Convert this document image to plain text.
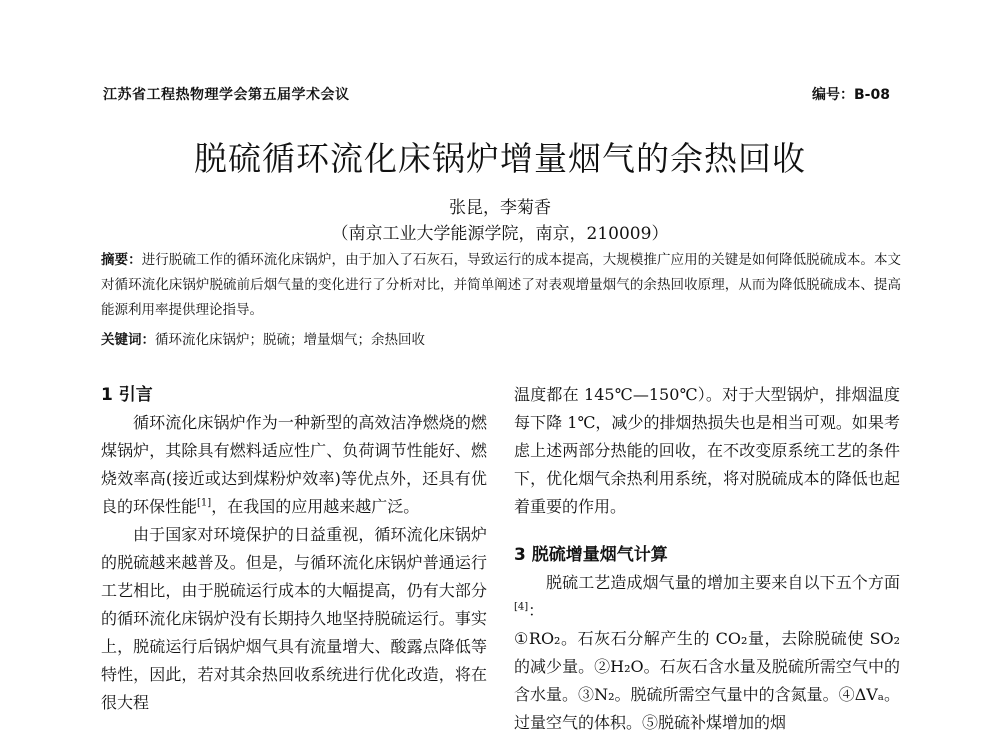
江苏省工程热物理学会第五届学术会议	编号：B-08
脱硫循环流化床锅炉增量烟气的余热回收
张昆，李菊香
（南京工业大学能源学院，南京，210009）
摘要：进行脱硫工作的循环流化床锅炉，由于加入了石灰石，导致运行的成本提高，大规模推广应用的关键是如何降低脱硫成本。本文对循环流化床锅炉脱硫前后烟气量的变化进行了分析对比，并简单阐述了对表观增量烟气的余热回收原理，从而为降低脱硫成本、提高能源利用率提供理论指导。
关键词：循环流化床锅炉；脱硫；增量烟气；余热回收
1 引言

循环流化床锅炉作为一种新型的高效洁净燃烧的燃煤锅炉，其除具有燃料适应性广、负荷调节性能好、燃烧效率高(接近或达到煤粉炉效率)等优点外，还具有优良的环保性能[1]，在我国的应用越来越广泛。

由于国家对环境保护的日益重视，循环流化床锅炉的脱硫越来越普及。但是，与循环流化床锅炉普通运行工艺相比，由于脱硫运行成本的大幅提高，仍有大部分的循环流化床锅炉没有长期持久地坚持脱硫运行。事实上，脱硫运行后锅炉烟气具有流量增大、酸露点降低等特性，因此，若对其余热回收系统进行优化改造，将在很大程

温度都在 145℃—150℃）。对于大型锅炉，排烟温度每下降 1℃，减少的排烟热损失也是相当可观。如果考虑上述两部分热能的回收，在不改变原系统工艺的条件下，优化烟气余热利用系统，将对脱硫成本的降低也起着重要的作用。

3 脱硫增量烟气计算

脱硫工艺造成烟气量的增加主要来自以下五个方面[4]：

①RO₂。石灰石分解产生的 CO₂量，去除脱硫使 SO₂的减少量。②H₂O。石灰石含水量及脱硫所需空气中的含水量。③N₂。脱硫所需空气量中的含氮量。④ΔVₐ。过量空气的体积。⑤脱硫补煤增加的烟
